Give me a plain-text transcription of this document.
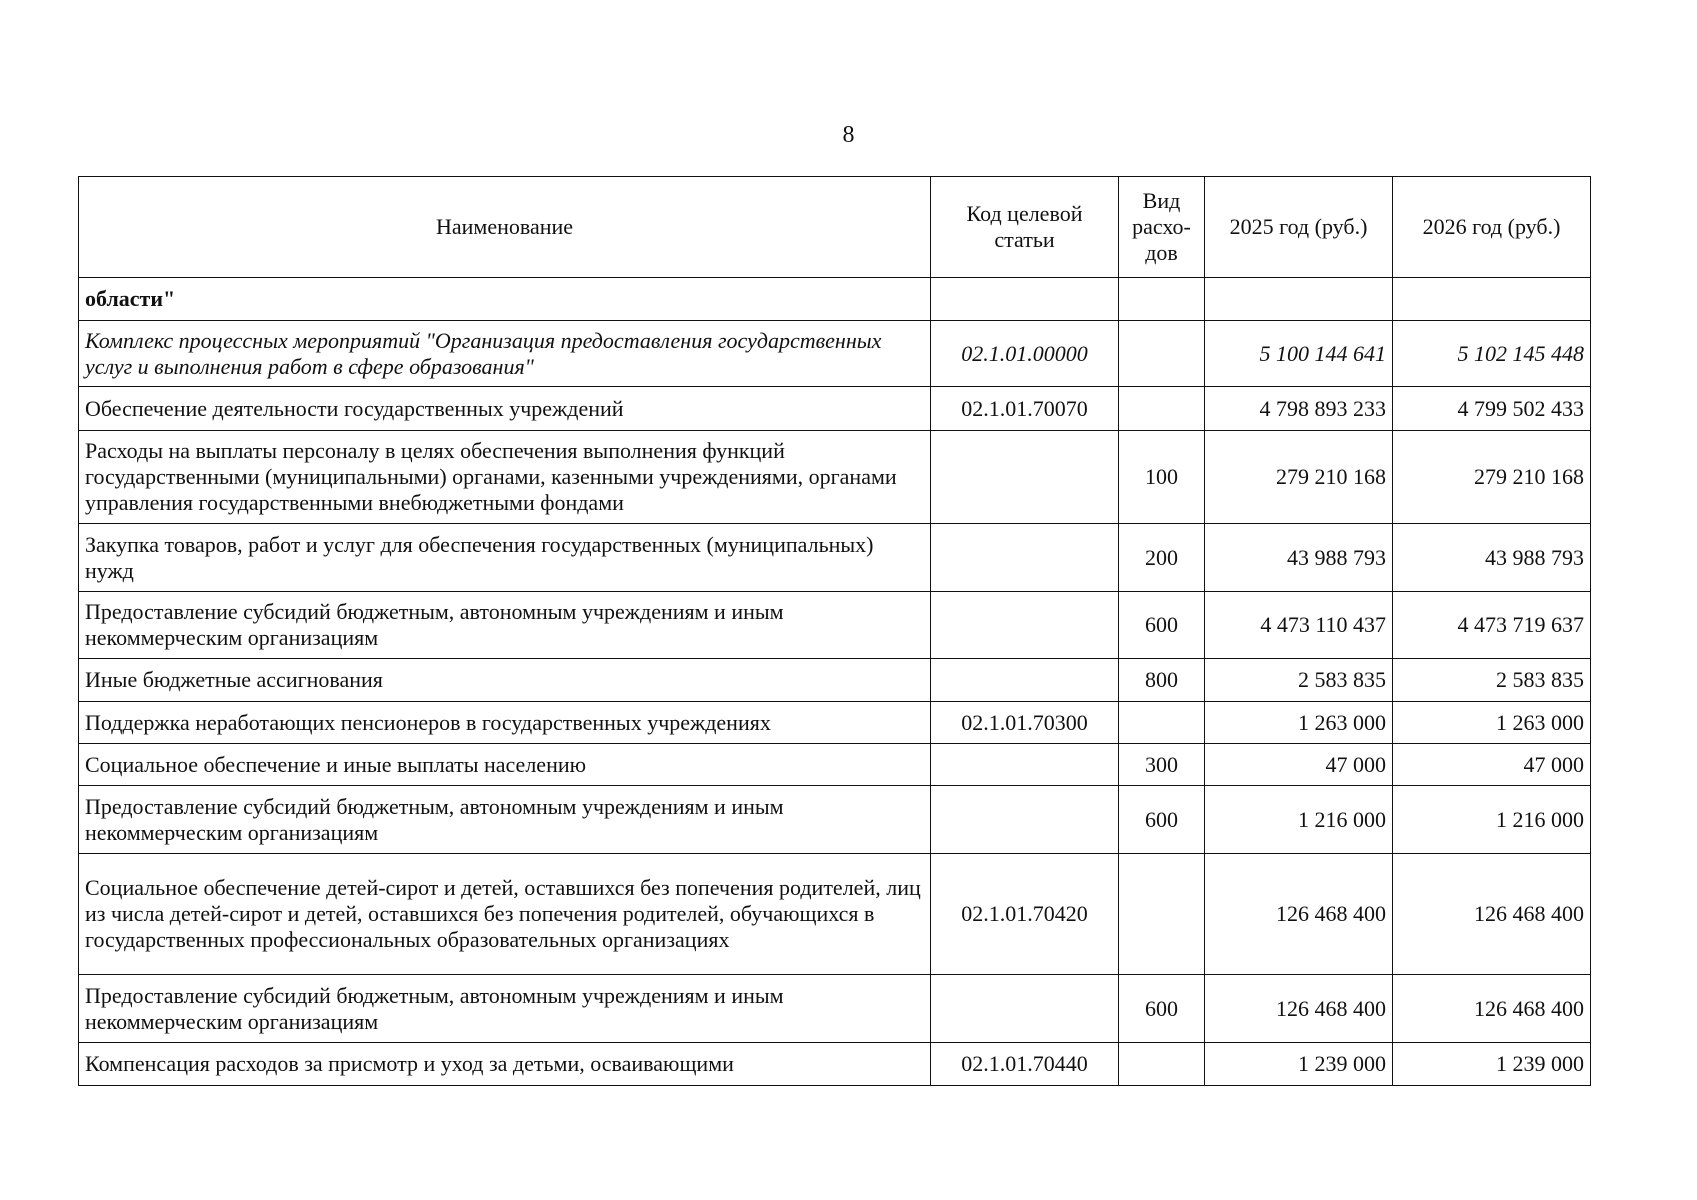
8
Наименование	Код целевой статьи	Вид расхо-дов	2025 год (руб.)	2026 год (руб.)
области"				
Комплекс процессных мероприятий "Организация предоставления государственных услуг и выполнения работ в сфере образования"	02.1.01.00000		5 100 144 641	5 102 145 448
Обеспечение деятельности государственных учреждений	02.1.01.70070		4 798 893 233	4 799 502 433
Расходы на выплаты персоналу в целях обеспечения выполнения функций государственными (муниципальными) органами, казенными учреждениями, органами управления государственными внебюджетными фондами		100	279 210 168	279 210 168
Закупка товаров, работ и услуг для обеспечения государственных (муниципальных) нужд		200	43 988 793	43 988 793
Предоставление субсидий бюджетным, автономным учреждениям и иным некоммерческим организациям		600	4 473 110 437	4 473 719 637
Иные бюджетные ассигнования		800	2 583 835	2 583 835
Поддержка неработающих пенсионеров в государственных учреждениях	02.1.01.70300		1 263 000	1 263 000
Социальное обеспечение и иные выплаты населению		300	47 000	47 000
Предоставление субсидий бюджетным, автономным учреждениям и иным некоммерческим организациям		600	1 216 000	1 216 000
Социальное обеспечение детей-сирот и детей, оставшихся без попечения родителей, лиц из числа детей-сирот и детей, оставшихся без попечения родителей, обучающихся в государственных профессиональных образовательных организациях	02.1.01.70420		126 468 400	126 468 400
Предоставление субсидий бюджетным, автономным учреждениям и иным некоммерческим организациям		600	126 468 400	126 468 400
Компенсация расходов за присмотр и уход за детьми, осваивающими	02.1.01.70440		1 239 000	1 239 000
